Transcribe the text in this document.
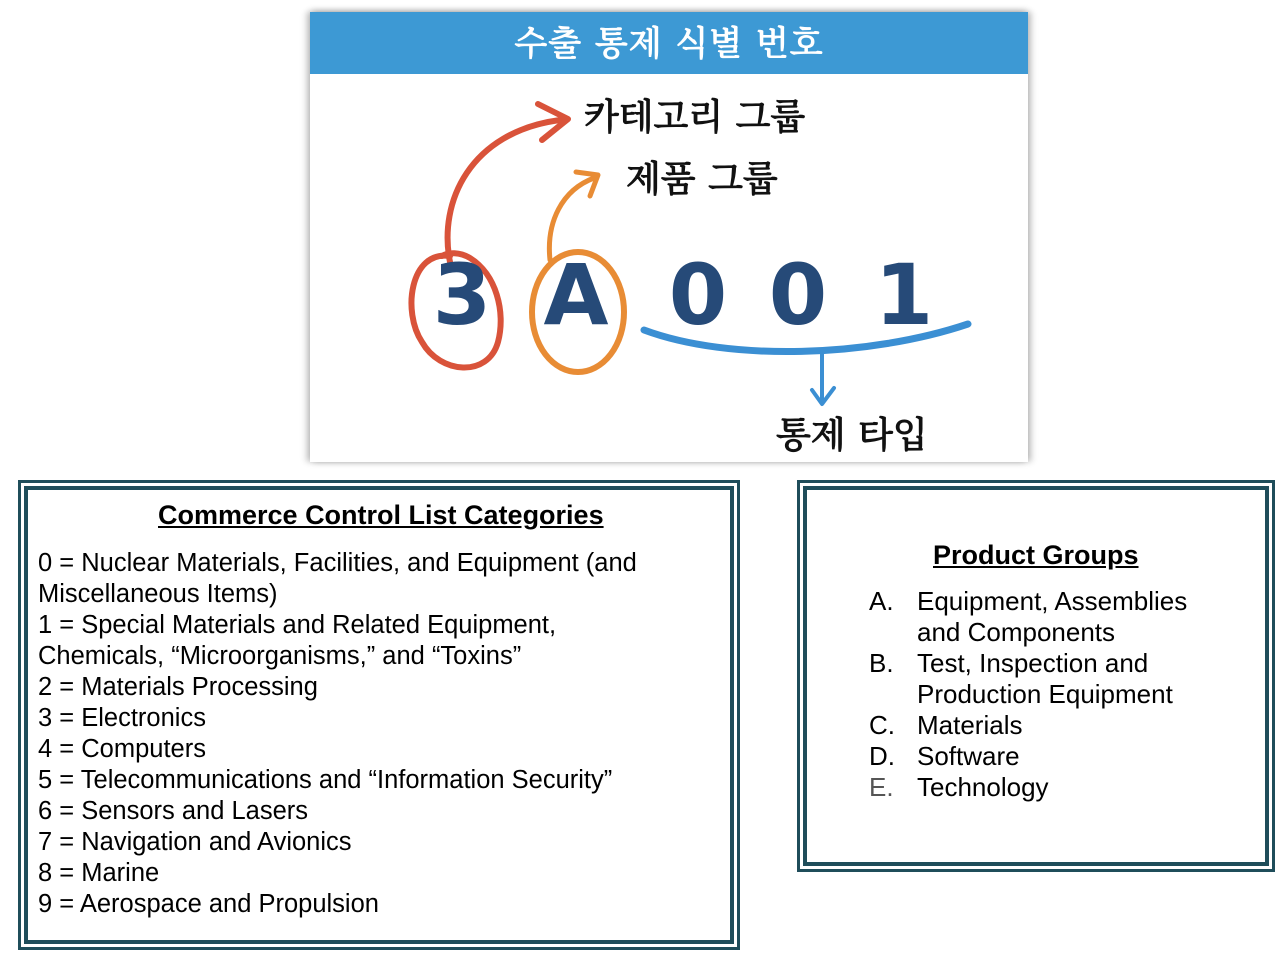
수출 통제 식별 번호
카테고리 그룹
제품 그룹
통제 타입
3 A 0 0 1
Commerce Control List Categories
0 = Nuclear Materials, Facilities, and Equipment (and
Miscellaneous Items)
1 = Special Materials and Related Equipment,
Chemicals, “Microorganisms,” and “Toxins”
2 = Materials Processing
3 = Electronics
4 = Computers
5 = Telecommunications and “Information Security”
6 = Sensors and Lasers
7 = Navigation and Avionics
8 = Marine
9 = Aerospace and Propulsion
Product Groups
A. Equipment, Assemblies
and Components
B. Test, Inspection and
Production Equipment
C. Materials
D. Software
E. Technology
